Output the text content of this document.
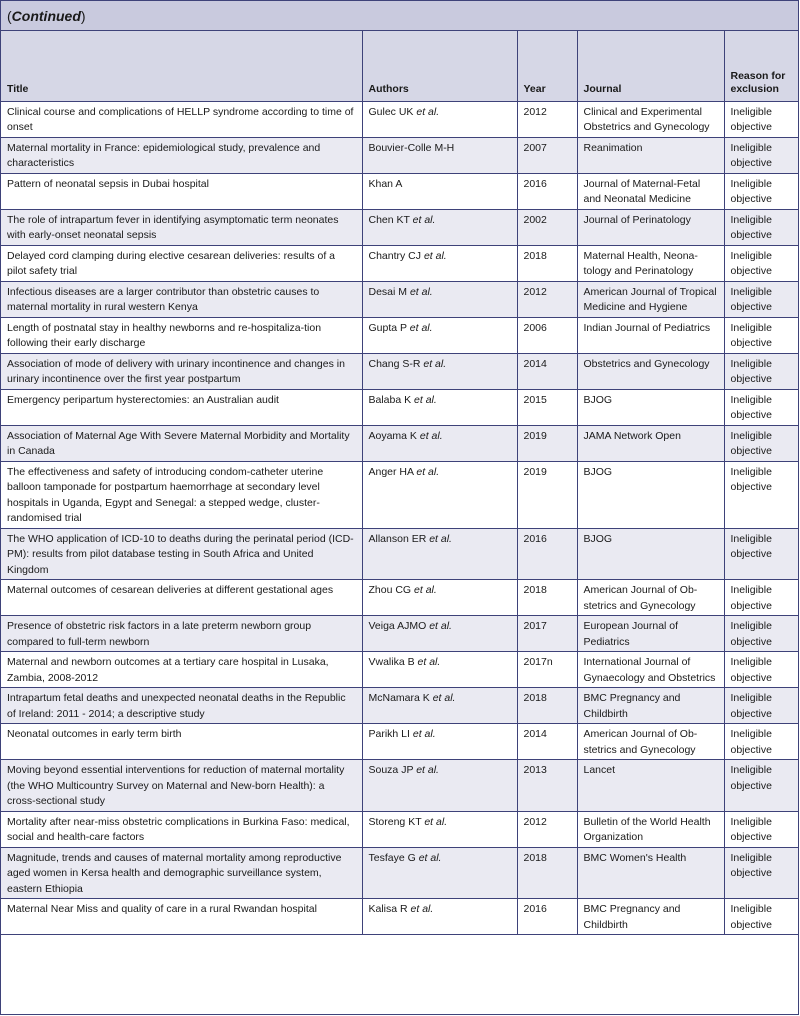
(Continued)
Title	Authors	Year	Journal	Reason for exclusion
Clinical course and complications of HELLP syndrome according to time of onset	Gulec UK et al.	2012	Clinical and Experimental Obstetrics and Gynecology	Ineligible objective
Maternal mortality in France: epidemiological study, prevalence and characteristics	Bouvier-Colle M-H	2007	Reanimation	Ineligible objective
Pattern of neonatal sepsis in Dubai hospital	Khan A	2016	Journal of Maternal-Fetal and Neonatal Medicine	Ineligible objective
The role of intrapartum fever in identifying asymptomatic term neonates with early-onset neonatal sepsis	Chen KT et al.	2002	Journal of Perinatology	Ineligible objective
Delayed cord clamping during elective cesarean deliveries: results of a pilot safety trial	Chantry CJ et al.	2018	Maternal Health, Neona-tology and Perinatology	Ineligible objective
Infectious diseases are a larger contributor than obstetric causes to maternal mortality in rural western Kenya	Desai M et al.	2012	American Journal of Tropical Medicine and Hygiene	Ineligible objective
Length of postnatal stay in healthy newborns and re-hospitaliza-tion following their early discharge	Gupta P et al.	2006	Indian Journal of Pediatrics	Ineligible objective
Association of mode of delivery with urinary incontinence and changes in urinary incontinence over the first year postpartum	Chang S-R et al.	2014	Obstetrics and Gynecology	Ineligible objective
Emergency peripartum hysterectomies: an Australian audit	Balaba K et al.	2015	BJOG	Ineligible objective
Association of Maternal Age With Severe Maternal Morbidity and Mortality in Canada	Aoyama K et al.	2019	JAMA Network Open	Ineligible objective
The effectiveness and safety of introducing condom-catheter uterine balloon tamponade for postpartum haemorrhage at secondary level hospitals in Uganda, Egypt and Senegal: a stepped wedge, cluster-randomised trial	Anger HA et al.	2019	BJOG	Ineligible objective
The WHO application of ICD-10 to deaths during the perinatal period (ICD-PM): results from pilot database testing in South Africa and United Kingdom	Allanson ER et al.	2016	BJOG	Ineligible objective
Maternal outcomes of cesarean deliveries at different gestational ages	Zhou CG et al.	2018	American Journal of Ob-stetrics and Gynecology	Ineligible objective
Presence of obstetric risk factors in a late preterm newborn group compared to full-term newborn	Veiga AJMO et al.	2017	European Journal of Pediatrics	Ineligible objective
Maternal and newborn outcomes at a tertiary care hospital in Lusaka, Zambia, 2008-2012	Vwalika B et al.	2017n	International Journal of Gynaecology and Obstetrics	Ineligible objective
Intrapartum fetal deaths and unexpected neonatal deaths in the Republic of Ireland: 2011 - 2014; a descriptive study	McNamara K et al.	2018	BMC Pregnancy and Childbirth	Ineligible objective
Neonatal outcomes in early term birth	Parikh LI et al.	2014	American Journal of Ob-stetrics and Gynecology	Ineligible objective
Moving beyond essential interventions for reduction of maternal mortality (the WHO Multicountry Survey on Maternal and New-born Health): a cross-sectional study	Souza JP et al.	2013	Lancet	Ineligible objective
Mortality after near-miss obstetric complications in Burkina Faso: medical, social and health-care factors	Storeng KT et al.	2012	Bulletin of the World Health Organization	Ineligible objective
Magnitude, trends and causes of maternal mortality among reproductive aged women in Kersa health and demographic surveillance system, eastern Ethiopia	Tesfaye G et al.	2018	BMC Women's Health	Ineligible objective
Maternal Near Miss and quality of care in a rural Rwandan hospital	Kalisa R et al.	2016	BMC Pregnancy and Childbirth	Ineligible objective
